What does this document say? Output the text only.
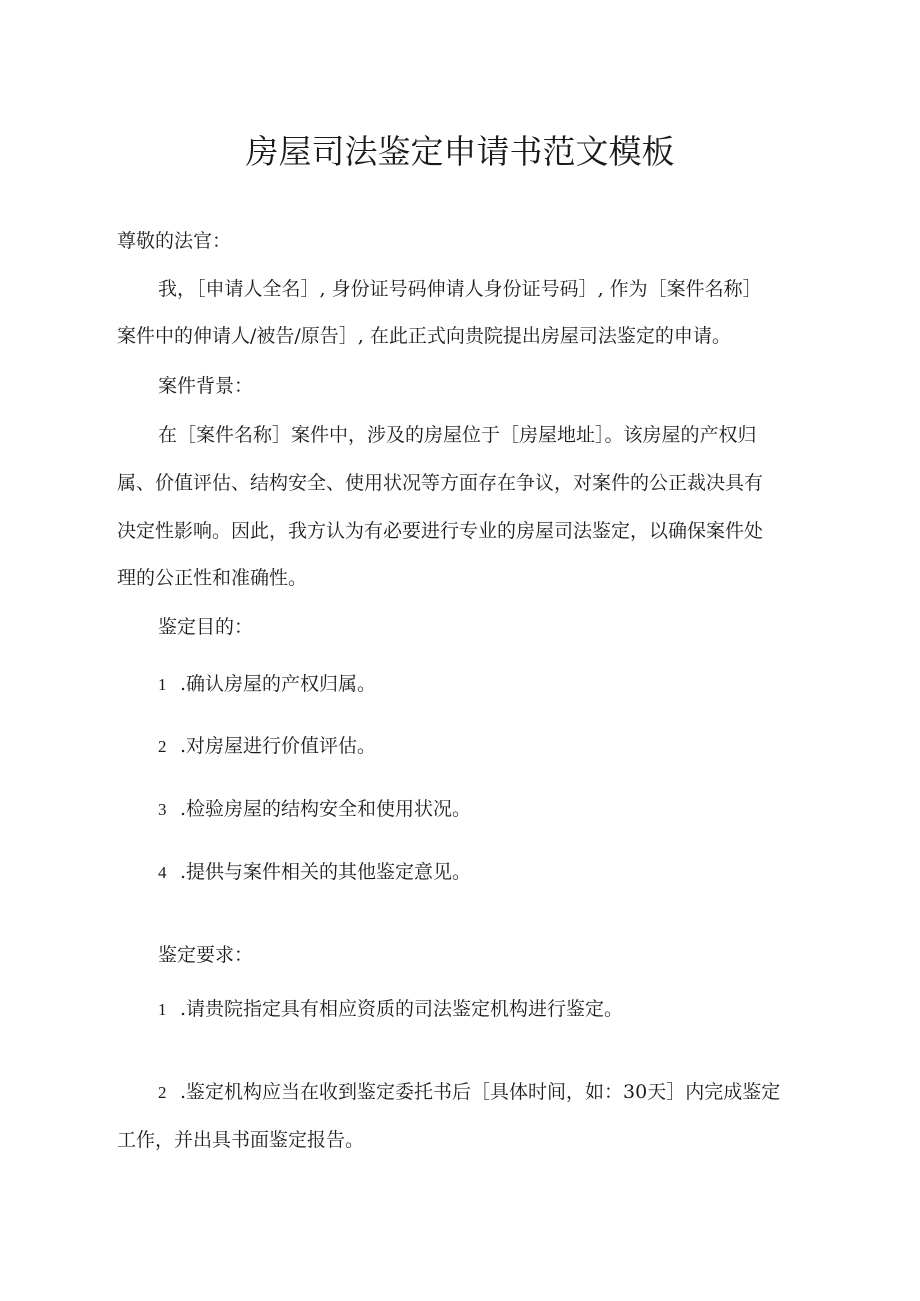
房屋司法鉴定申请书范文模板
尊敬的法官：
我，［申请人全名］, 身份证号码伸请人身份证号码］, 作为［案件名称］
案件中的伸请人/被告/原告］, 在此正式向贵院提出房屋司法鉴定的申请。
案件背景：
在［案件名称］案件中，涉及的房屋位于［房屋地址］。该房屋的产权归
属、价值评估、结构安全、使用状况等方面存在争议，对案件的公正裁决具有
决定性影响。因此，我方认为有必要进行专业的房屋司法鉴定，以确保案件处
理的公正性和准确性。
鉴定目的：
1 .确认房屋的产权归属。
2 .对房屋进行价值评估。
3 .检验房屋的结构安全和使用状况。
4 .提供与案件相关的其他鉴定意见。
鉴定要求：
1 .请贵院指定具有相应资质的司法鉴定机构进行鉴定。
2 .鉴定机构应当在收到鉴定委托书后［具体时间，如：30天］内完成鉴定
工作，并出具书面鉴定报告。
